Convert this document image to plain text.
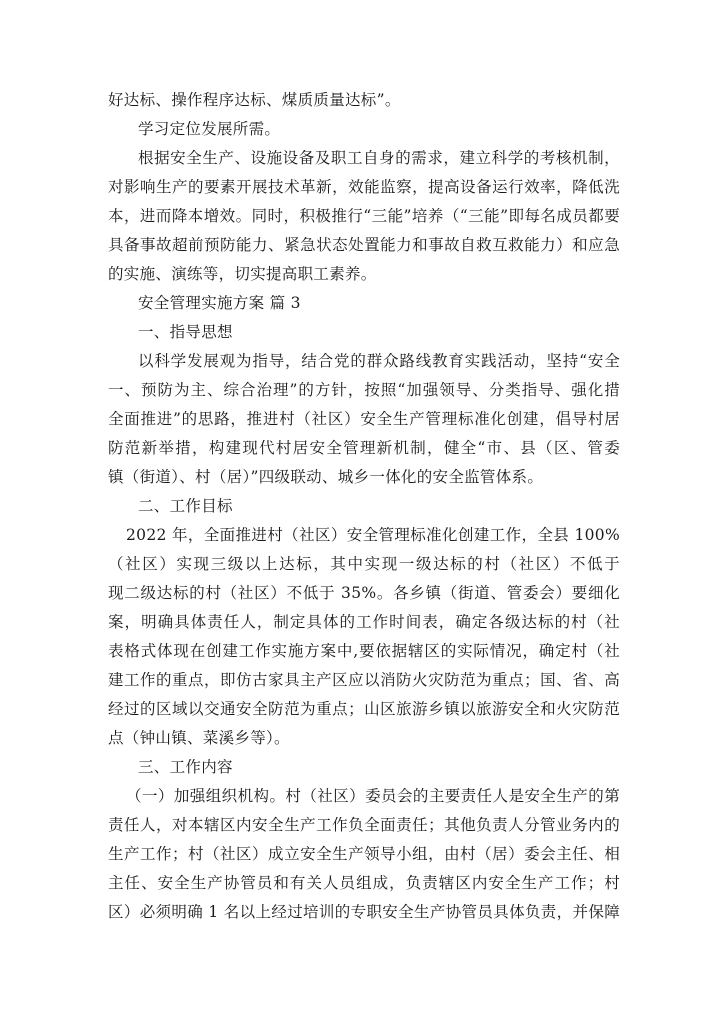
好达标、操作程序达标、煤质质量达标”。
学习定位发展所需。
根据安全生产、设施设备及职工自身的需求，建立科学的考核机制，
对影响生产的要素开展技术革新，效能监察，提高设备运行效率，降低洗
本，进而降本增效。同时，积极推行“三能”培养（“三能”即每名成员都要
具备事故超前预防能力、紧急状态处置能力和事故自救互救能力）和应急
的实施、演练等，切实提高职工素养。
安全管理实施方案 篇 3
一、指导思想
以科学发展观为指导，结合党的群众路线教育实践活动，坚持“安全
一、预防为主、综合治理”的方针，按照“加强领导、分类指导、强化措
全面推进”的思路，推进村（社区）安全生产管理标准化创建，倡导村居
防范新举措，构建现代村居安全管理新机制，健全“市、县（区、管委
镇（街道）、村（居）”四级联动、城乡一体化的安全监管体系。
二、工作目标
2022 年，全面推进村（社区）安全管理标准化创建工作，全县 100%
（社区）实现三级以上达标，其中实现一级达标的村（社区）不低于
现二级达标的村（社区）不低于 35%。各乡镇（街道、管委会）要细化
案，明确具体责任人，制定具体的工作时间表，确定各级达标的村（社
表格式体现在创建工作实施方案中,要依据辖区的实际情况，确定村（社
建工作的重点，即仿古家具主产区应以消防火灾防范为重点；国、省、高
经过的区域以交通安全防范为重点；山区旅游乡镇以旅游安全和火灾防范
点（钟山镇、菜溪乡等）。
三、工作内容
（一）加强组织机构。村（社区）委员会的主要责任人是安全生产的第
责任人，对本辖区内安全生产工作负全面责任；其他负责人分管业务内的
生产工作；村（社区）成立安全生产领导小组，由村（居）委会主任、相
主任、安全生产协管员和有关人员组成，负责辖区内安全生产工作；村
区）必须明确 1 名以上经过培训的专职安全生产协管员具体负责，并保障
